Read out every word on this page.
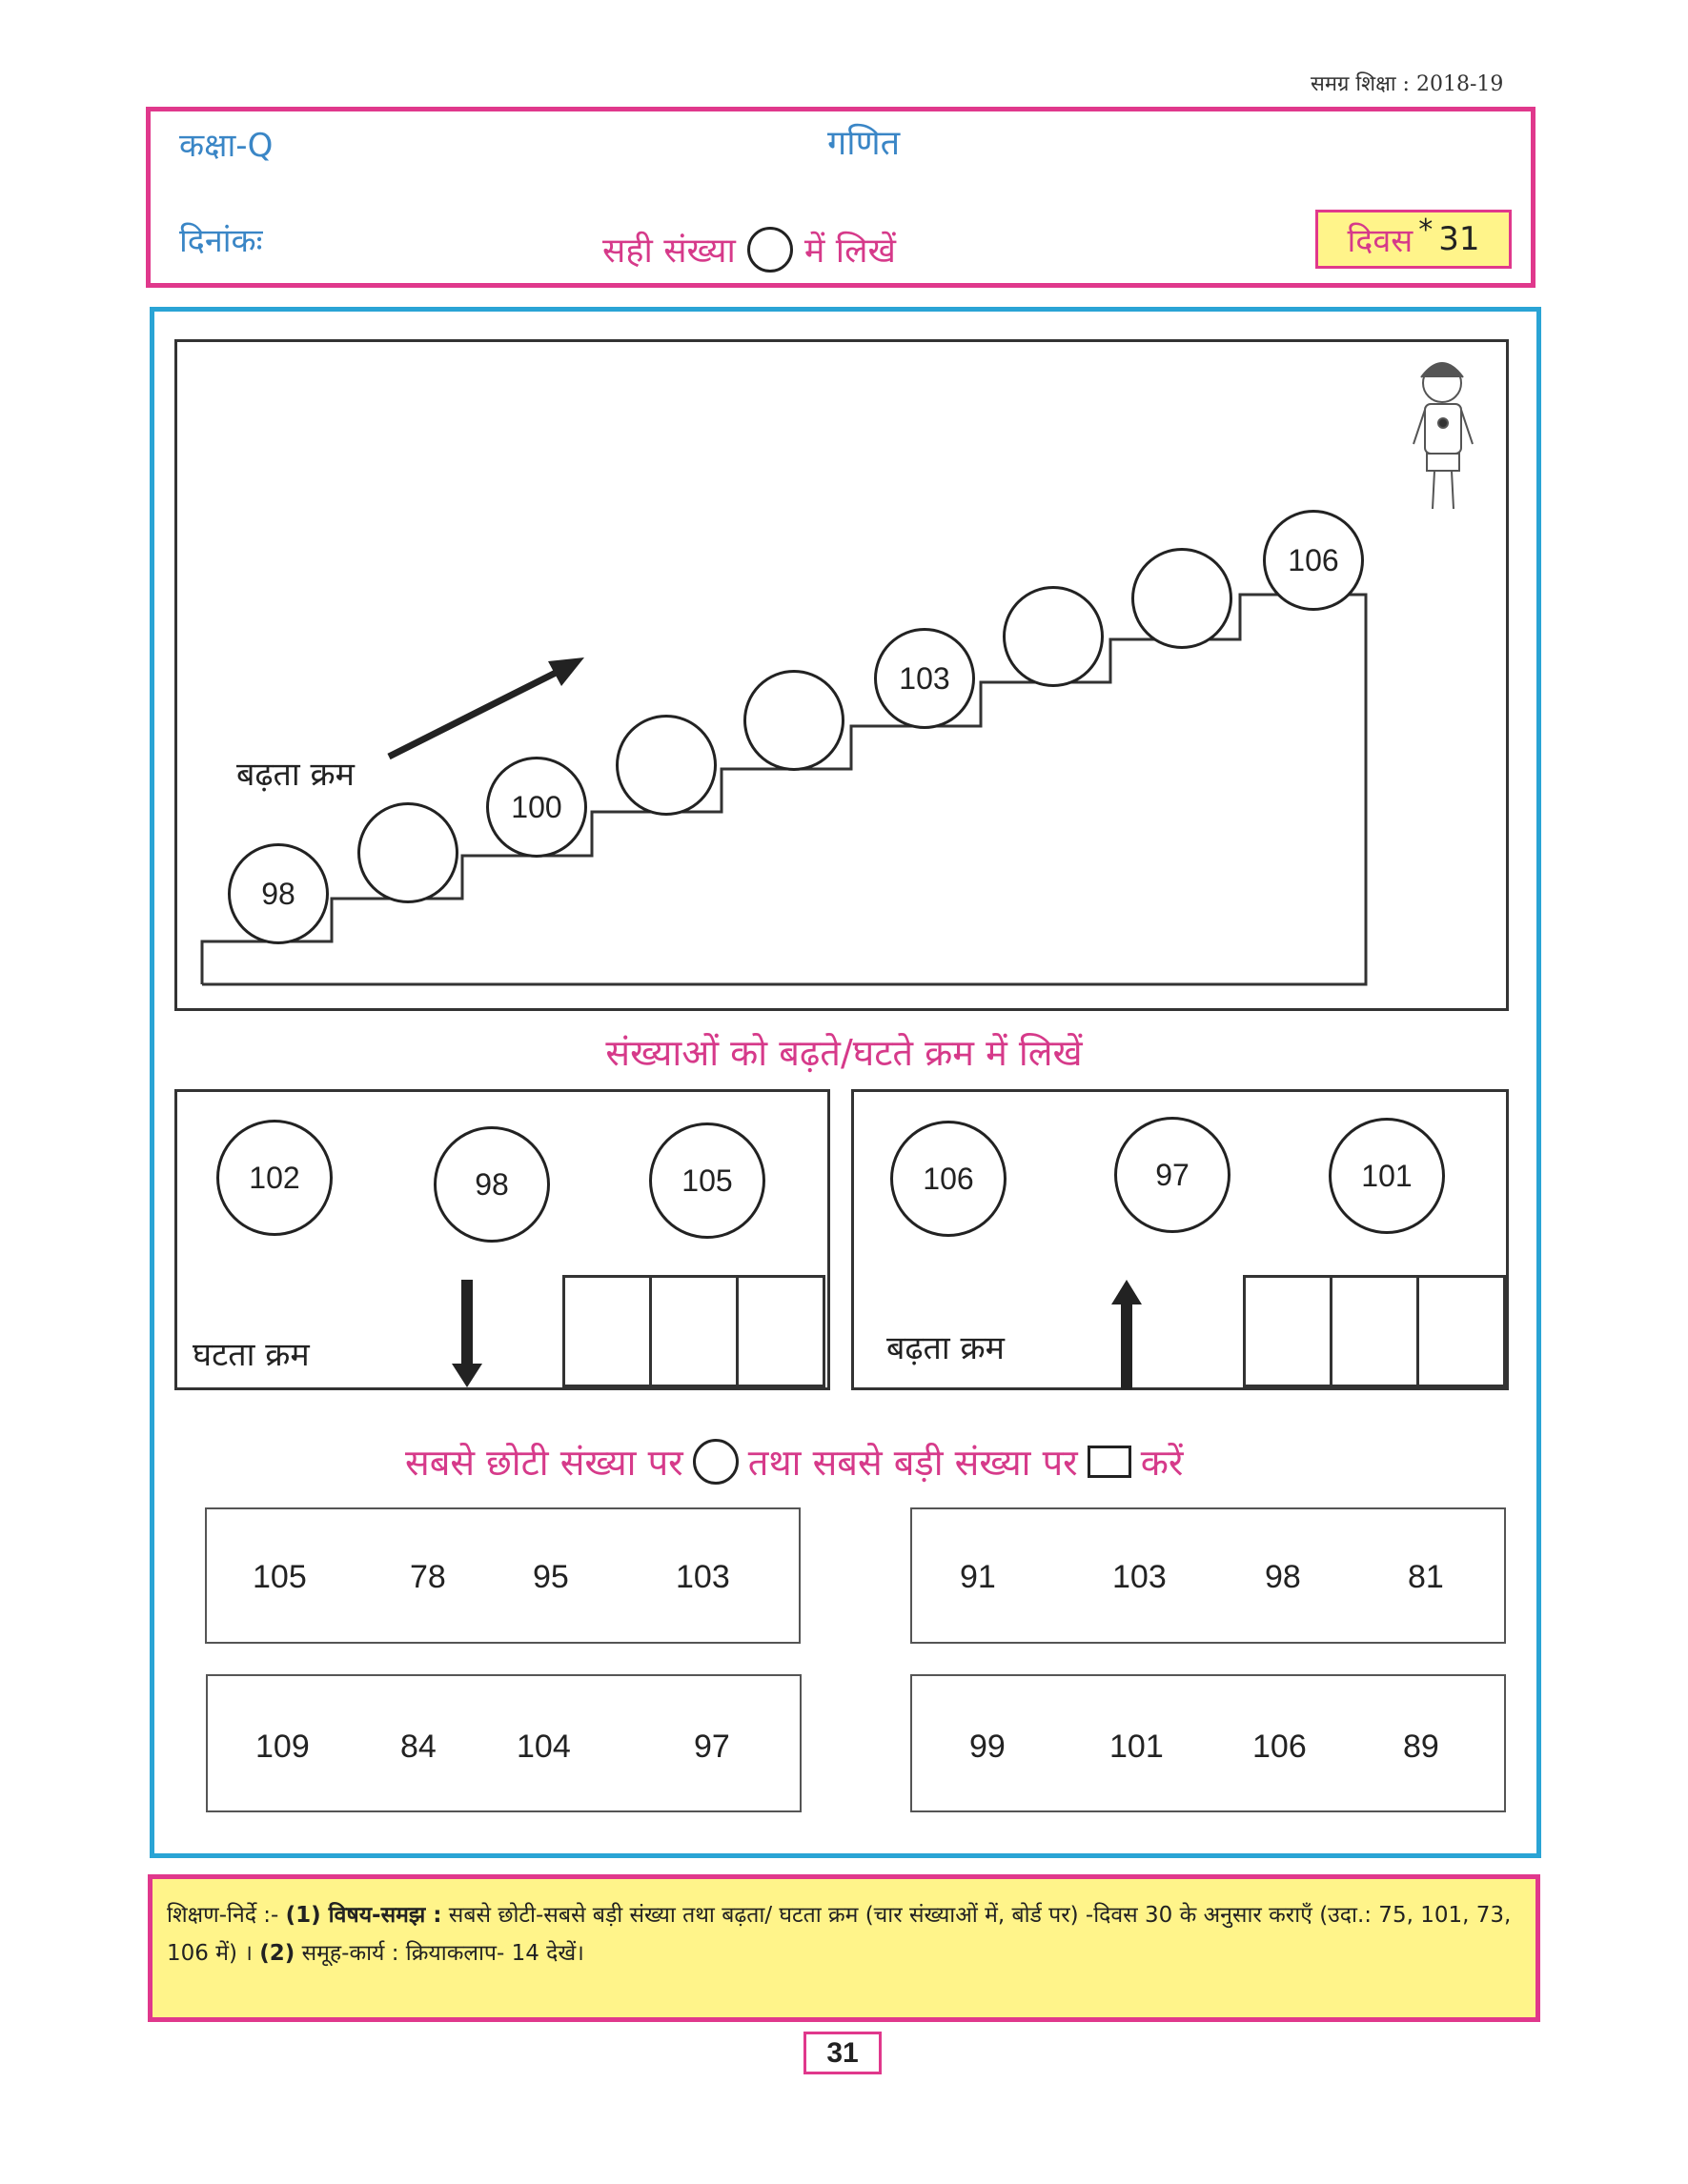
समग्र शिक्षा : 2018-19
कक्षा-Q	गणित
दिनांकः	सही संख्या में लिखें	दिवस * 31
बढ़ता क्रम
98
100
103
106
संख्याओं को बढ़ते/घटते क्रम में लिखें
102	98	105
घटता क्रम
106	97	101
बढ़ता क्रम
सबसे छोटी संख्या पर तथा सबसे बड़ी संख्या पर करें
105	78	95	103	91	103	98	81
109	84 104	97	99	101	106	89
शिक्षण-निर्दे :- (1) विषय-समझ : सबसे छोटी-सबसे बड़ी संख्या तथा बढ़ता/ घटता क्रम (चार संख्याओं में, बोर्ड पर) -दिवस 30 के अनुसार कराएँ (उदा.: 75, 101, 73, 106 में) । (2) समूह-कार्य : क्रियाकलाप- 14 देखें।
31
